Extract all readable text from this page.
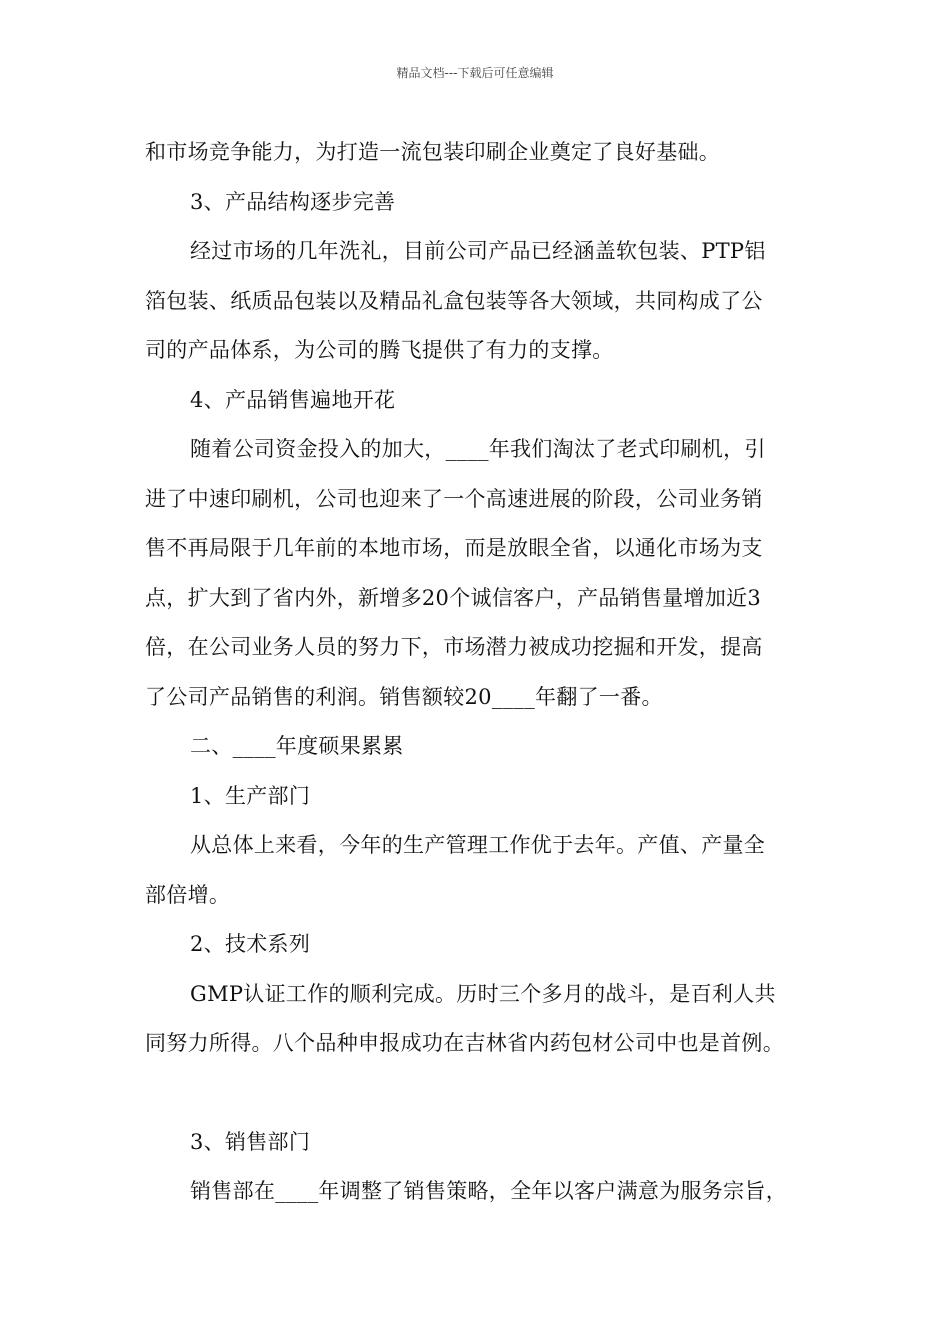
精品文档---下载后可任意编辑
和市场竞争能力，为打造一流包装印刷企业奠定了良好基础。
3、产品结构逐步完善
经过市场的几年洗礼，目前公司产品已经涵盖软包装、PTP铝
箔包装、纸质品包装以及精品礼盒包装等各大领域，共同构成了公
司的产品体系，为公司的腾飞提供了有力的支撑。
4、产品销售遍地开花
随着公司资金投入的加大，____年我们淘汰了老式印刷机，引
进了中速印刷机，公司也迎来了一个高速进展的阶段，公司业务销
售不再局限于几年前的本地市场，而是放眼全省，以通化市场为支
点，扩大到了省内外，新增多20个诚信客户，产品销售量增加近3
倍，在公司业务人员的努力下，市场潜力被成功挖掘和开发，提高
了公司产品销售的利润。销售额较20____年翻了一番。
二、____年度硕果累累
1、生产部门
从总体上来看，今年的生产管理工作优于去年。产值、产量全
部倍增。
2、技术系列
GMP认证工作的顺利完成。历时三个多月的战斗，是百利人共
同努力所得。八个品种申报成功在吉林省内药包材公司中也是首例。
3、销售部门
销售部在____年调整了销售策略，全年以客户满意为服务宗旨，
